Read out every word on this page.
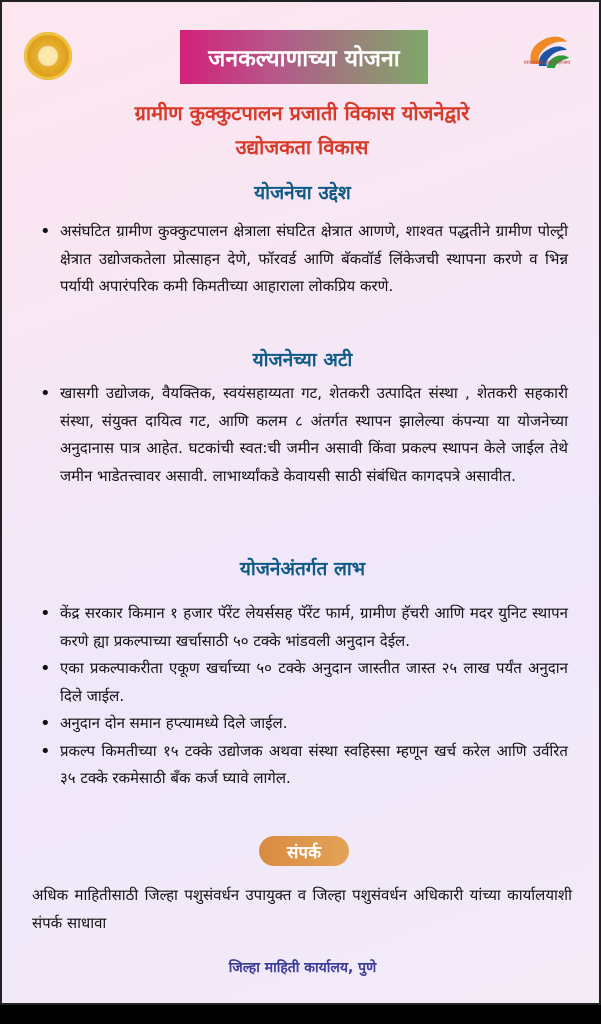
जनकल्याणाच्या योजना	स्वातंत्र्याचा अमृत महोत्सव
ग्रामीण कुक्कुटपालन प्रजाती विकास योजनेद्वारे
उद्योजकता विकास
योजनेचा उद्देश
• असंघटित ग्रामीण कुक्कुटपालन क्षेत्राला संघटित क्षेत्रात आणणे, शाश्वत पद्धतीने ग्रामीण पोल्ट्री क्षेत्रात उद्योजकतेला प्रोत्साहन देणे, फॉरवर्ड आणि बॅकवॉर्ड लिंकेजची स्थापना करणे व भिन्न पर्यायी अपारंपरिक कमी किमतीच्या आहाराला लोकप्रिय करणे.
योजनेच्या अटी
• खासगी उद्योजक, वैयक्तिक, स्वयंसहाय्यता गट, शेतकरी उत्पादित संस्था , शेतकरी सहकारी संस्था, संयुक्त दायित्व गट, आणि कलम ८ अंतर्गत स्थापन झालेल्या कंपन्या या योजनेच्या अनुदानास पात्र आहेत. घटकांची स्वत:ची जमीन असावी किंवा प्रकल्प स्थापन केले जाईल तेथे जमीन भाडेतत्त्वावर असावी. लाभार्थ्यांकडे केवायसी साठी संबंधित कागदपत्रे असावीत.
योजनेअंतर्गत लाभ
• केंद्र सरकार किमान १ हजार पॅरेंट लेयर्ससह पॅरेंट फार्म, ग्रामीण हॅचरी आणि मदर युनिट स्थापन करणे ह्या प्रकल्पाच्या खर्चासाठी ५० टक्के भांडवली अनुदान देईल.
• एका प्रकल्पाकरीता एकूण खर्चाच्या ५० टक्के अनुदान जास्तीत जास्त २५ लाख पर्यंत अनुदान दिले जाईल.
• अनुदान दोन समान हप्त्यामध्ये दिले जाईल.
• प्रकल्प किमतीच्या १५ टक्के उद्योजक अथवा संस्था स्वहिस्सा म्हणून खर्च करेल आणि उर्वरित ३५ टक्के रकमेसाठी बँक कर्ज घ्यावे लागेल.
संपर्क
अधिक माहितीसाठी जिल्हा पशुसंवर्धन उपायुक्त व जिल्हा पशुसंवर्धन अधिकारी यांच्या कार्यालयाशी संपर्क साधावा
जिल्हा माहिती कार्यालय, पुणे
